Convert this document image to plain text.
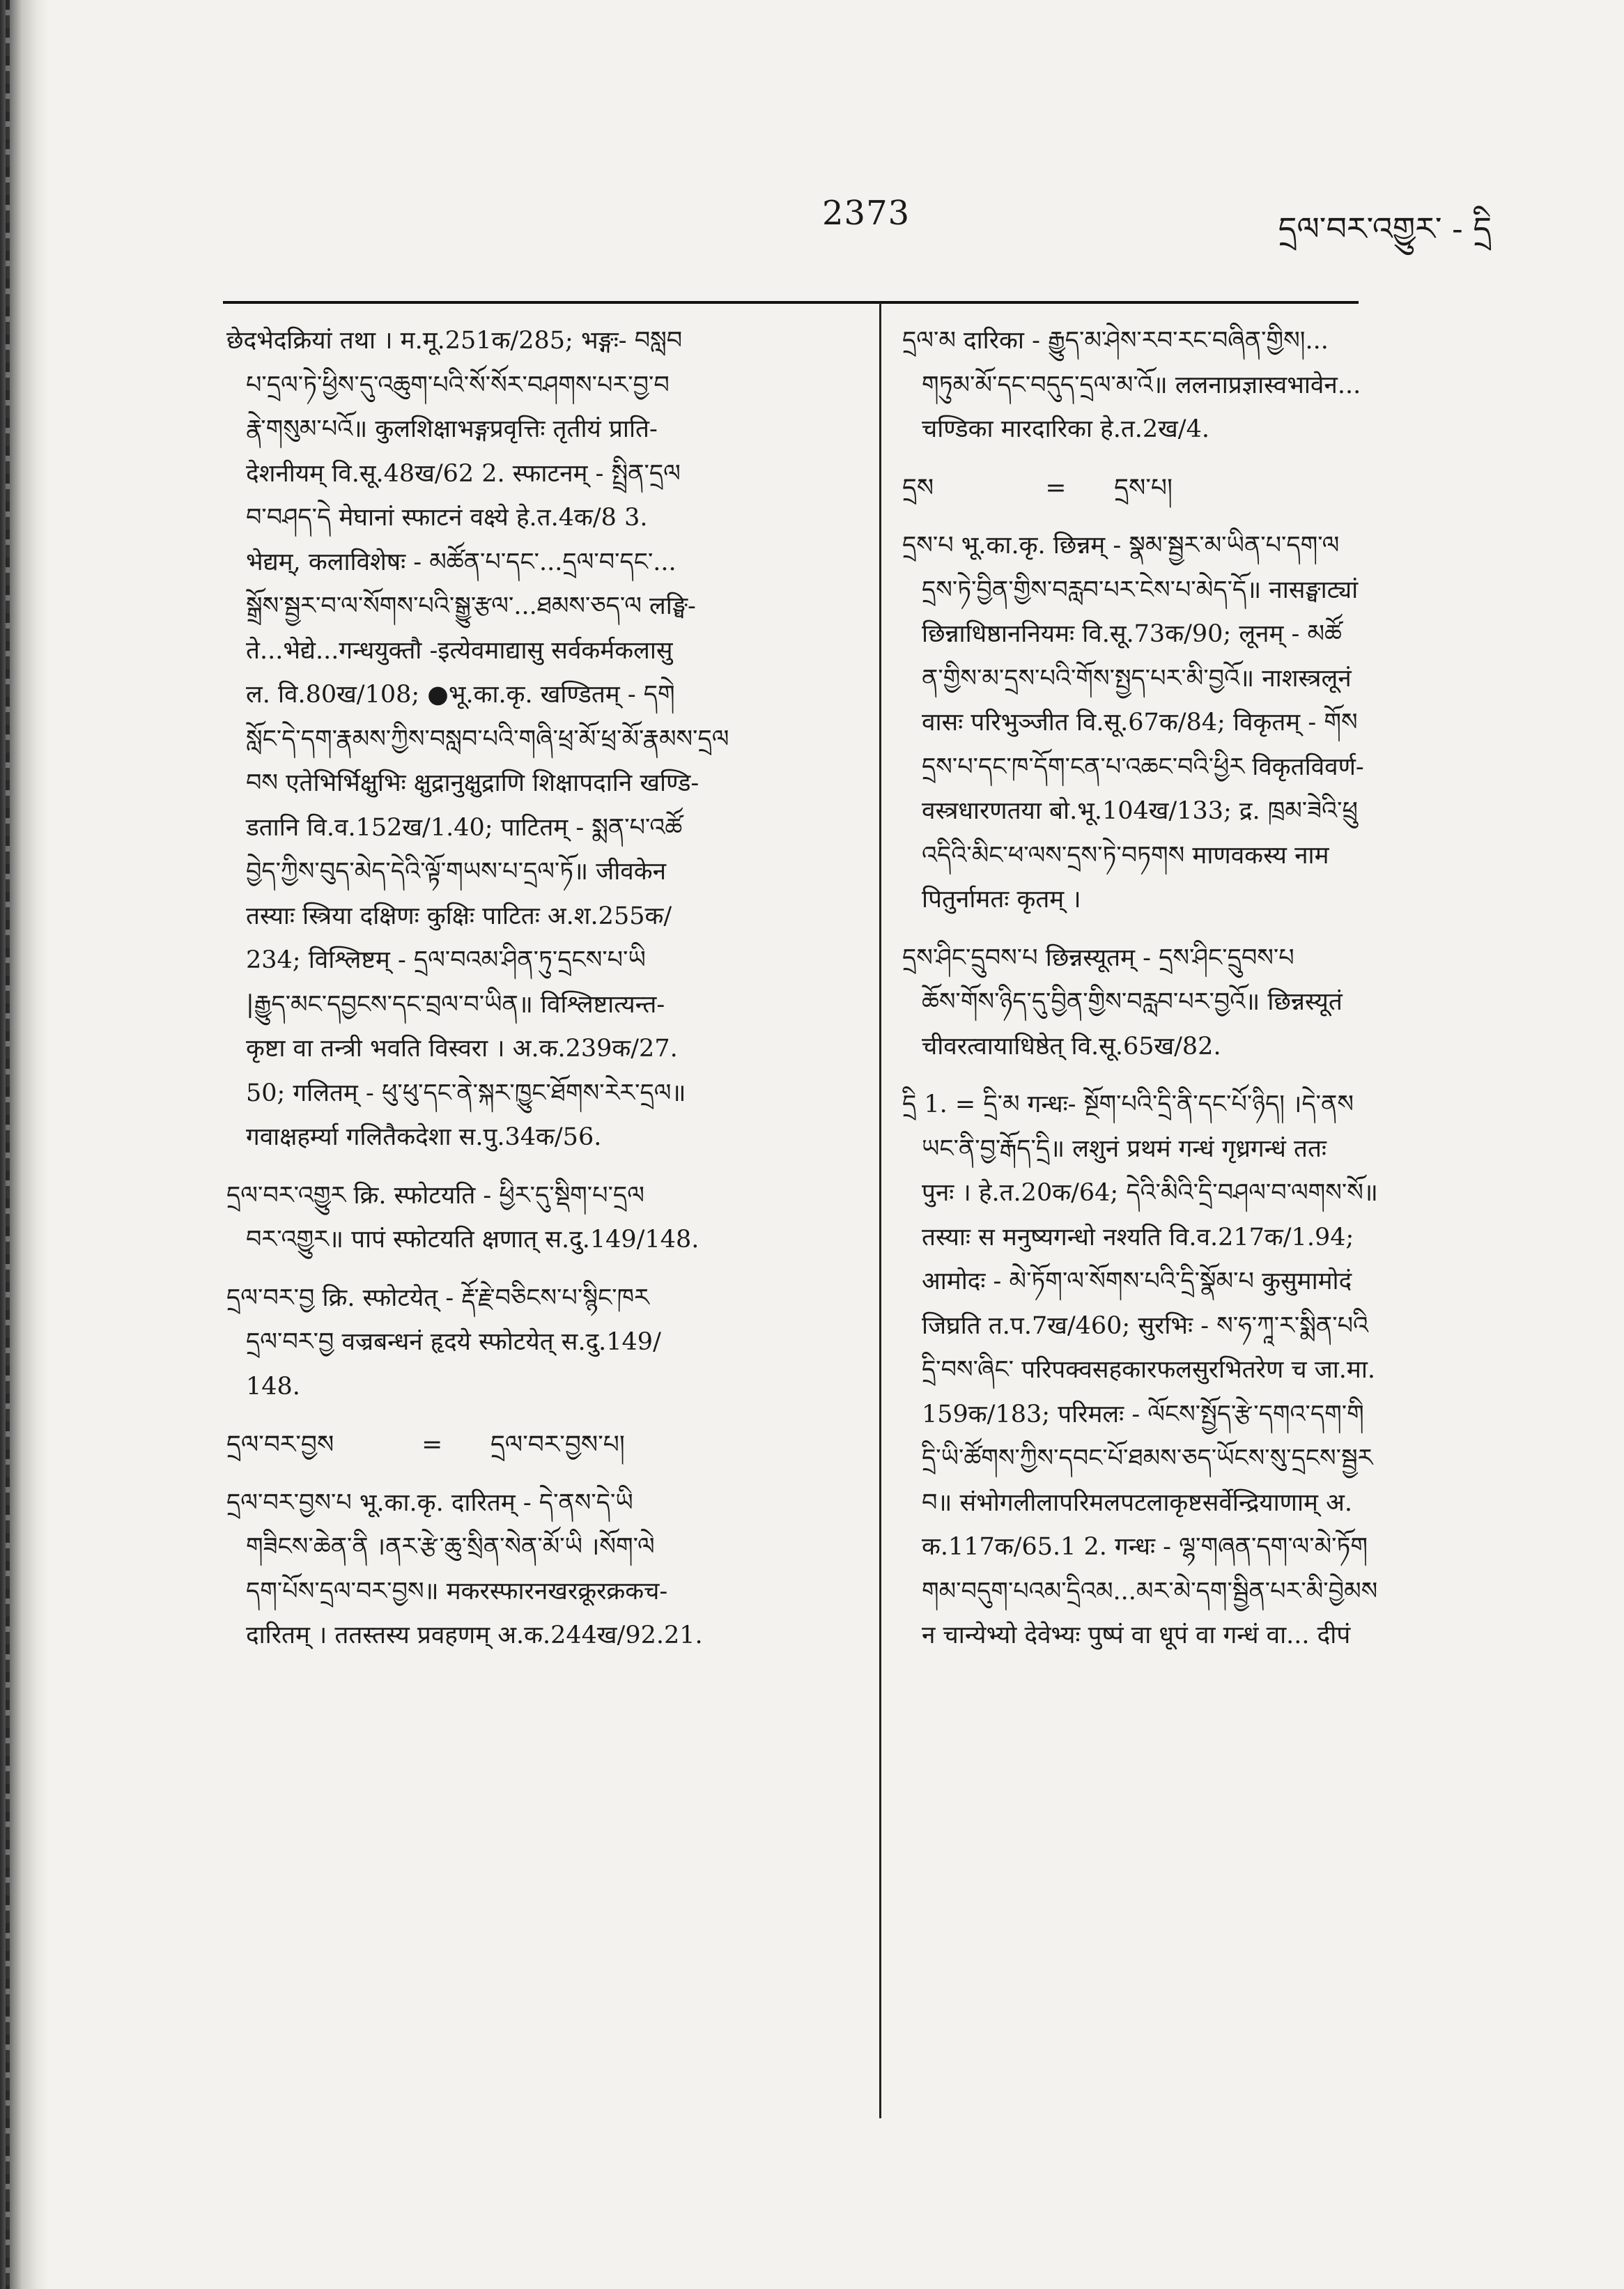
2373	དྲལ་བར་འགྱུར་ - དྲི
छेदभेदक्रियां तथा । म.मू.251क/285; भङ्गः- བསླབ
པ་དྲལ་ཏེ་ཕྱིས་དུ་འཆུག་པའི་སོ་སོར་བཤགས་པར་བྱ་བ
རྣེ་གསུམ་པའོ॥ कुलशिक्षाभङ्गप्रवृत्तिः तृतीयं प्राति-
देशनीयम् वि.सू.48ख/62 2. स्फाटनम् - སྤྲིན་དྲལ
བ་བཤད་དེ मेघानां स्फाटनं वक्ष्ये हे.त.4क/8 3.
भेद्यम्, कलाविशेषः - མཚོན་པ་དང་...དྲལ་བ་དང་...
སྒྲོས་སྦྱར་བ་ལ་སོགས་པའི་སྒྱུ་རྩལ་...ཐམས་ཅད་ལ लङ्घि-
ते...भेद्ये...गन्धयुक्तौ -इत्येवमाद्यासु सर्वकर्मकलासु
ल. वि.80ख/108; ●भू.का.कृ. खण्डितम् - དགེ
སློང་དེ་དག་རྣམས་ཀྱིས་བསླབ་པའི་གཞི་ཕྲ་མོ་ཕྲ་མོ་རྣམས་དྲལ
བས एतेभिर्भिक्षुभिः क्षुद्रानुक्षुद्राणि शिक्षापदानि खण्डि-
डतानि वि.व.152ख/1.40; पाटितम् - སྨན་པ་འཚོ
བྱེད་ཀྱིས་བུད་མེད་དེའི་ལྟོ་གཡས་པ་དྲལ་ཏོ॥ जीवकेन
तस्याः स्त्रिया दक्षिणः कुक्षिः पाटितः अ.श.255क/
234; विश्लिष्टम् - དྲལ་བའམ་ཤིན་ཏུ་དྲངས་པ་ཡི
|རྒྱུད་མང་དབྱངས་དང་བྲལ་བ་ཡིན॥ विश्लिष्टात्यन्त-
कृष्टा वा तन्त्री भवति विस्वरा । अ.क.239क/27.
50; गलितम् - ཕུ་ཕུ་དང་ནེ་སྐར་ཁྱུང་ཐོགས་རེར་དྲལ॥
गवाक्षहर्म्या गलितैकदेशा स.पु.34क/56.
དྲལ་བར་འགྱུར क्रि. स्फोटयति - ཕྱིར་དུ་སྡིག་པ་དྲལ
བར་འགྱུར॥ पापं स्फोटयति क्षणात् स.दु.149/148.
དྲལ་བར་བྱ क्रि. स्फोटयेत् - རྡོ་རྗེ་བཅིངས་པ་སྙིང་ཁར
དྲལ་བར་བྱ वज्रबन्धनं हृदये स्फोटयेत् स.दु.149/
148.
དྲལ་བར་བྱས           =      དྲལ་བར་བྱས་པ།
དྲལ་བར་བྱས་པ भू.का.कृ. दारितम् - དེ་ནས་དེ་ཡི
གཟིངས་ཆེན་ནི ।ནར་རྩེ་ཆུ་སྲིན་སེན་མོ་ཡི ।སོག་ལེ
དག་པོས་དྲལ་བར་བྱས॥ मकरस्फारनखरक्रूरक्रकच-
दारितम् । ततस्तस्य प्रवहणम् अ.क.244ख/92.21.
དྲལ་མ दारिका - རྒྱུད་མ་ཤེས་རབ་རང་བཞིན་གྱིས།...
གཏུམ་མོ་དང་བདུད་དྲལ་མ་འོ॥ ललनाप्रज्ञास्वभावेन...
चण्डिका मारदारिका हे.त.2ख/4.
དྲས              =      དྲས་པ།
དྲས་པ भू.का.कृ. छिन्नम् - སྣམ་སྦྱར་མ་ཡིན་པ་དག་ལ
དྲས་ཏེ་བྱིན་གྱིས་བརླབ་པར་ངེས་པ་མེད་དོ॥ नासङ्घाट्यां
छिन्नाधिष्ठाननियमः वि.सू.73क/90; लूनम् - མཚོ
ན་གྱིས་མ་དྲས་པའི་གོས་སྤྱད་པར་མི་བྱའོ॥ नाशस्त्रलूनं
वासः परिभुञ्जीत वि.सू.67क/84; विकृतम् - གོས
དྲས་པ་དང་ཁ་དོག་ངན་པ་འཆང་བའི་ཕྱིར विकृतविवर्ण-
वस्त्रधारणतया बो.भू.104ख/133; द्र. ཁྲམ་ཟེའི་ཕྲུ
འདིའི་མིང་ཕ་ལས་དྲས་ཏེ་བཏགས माणवकस्य नाम
पितुर्नामतः कृतम् ।
དྲས་ཤིང་དྲུབས་པ छिन्नस्यूतम् - དྲས་ཤིང་དྲུབས་པ
ཆོས་གོས་ཉིད་དུ་བྱིན་གྱིས་བརླབ་པར་བྱའོ॥ छिन्नस्यूतं
चीवरत्वायाधिष्ठेत् वि.सू.65ख/82.
དྲི 1. = དྲི་མ गन्धः- སྔོག་པའི་དྲི་ནི་དང་པོ་ཉིད། ।དེ་ནས
ཡང་ནི་བྱ་རྒོད་དྲི॥ लशुनं प्रथमं गन्धं गृध्रगन्धं ततः
पुनः । हे.त.20क/64; དེའི་མིའི་དྲི་བཤལ་བ་ལགས་སོ॥
तस्याः स मनुष्यगन्धो नश्यति वि.व.217क/1.94;
आमोदः - མེ་ཏོག་ལ་སོགས་པའི་དྲི་སྣོམ་པ कुसुमामोदं
जिघ्रति त.प.7ख/460; सुरभिः - ས་ཧ་ཀཱ་ར་སྨིན་པའི
དྲི་བས་ཞིང་ परिपक्वसहकारफलसुरभितरेण च जा.मा.
159क/183; परिमलः - ལོངས་སྤྱོད་རྩེ་དགའ་དག་གི
དྲི་ཡི་ཚོགས་ཀྱིས་དབང་པོ་ཐམས་ཅད་ཡོངས་སུ་དྲངས་སྦྱར
བ॥ संभोगलीलापरिमलपटलाकृष्टसर्वेन्द्रियाणाम् अ.
क.117क/65.1 2. गन्धः - ལྷ་གཞན་དག་ལ་མེ་ཏོག
གམ་བདུག་པའམ་དྲིའམ...མར་མེ་དག་སྦྱིན་པར་མི་བྱེམས
न चान्येभ्यो देवेभ्यः पुष्पं वा धूपं वा गन्धं वा... दीपं
